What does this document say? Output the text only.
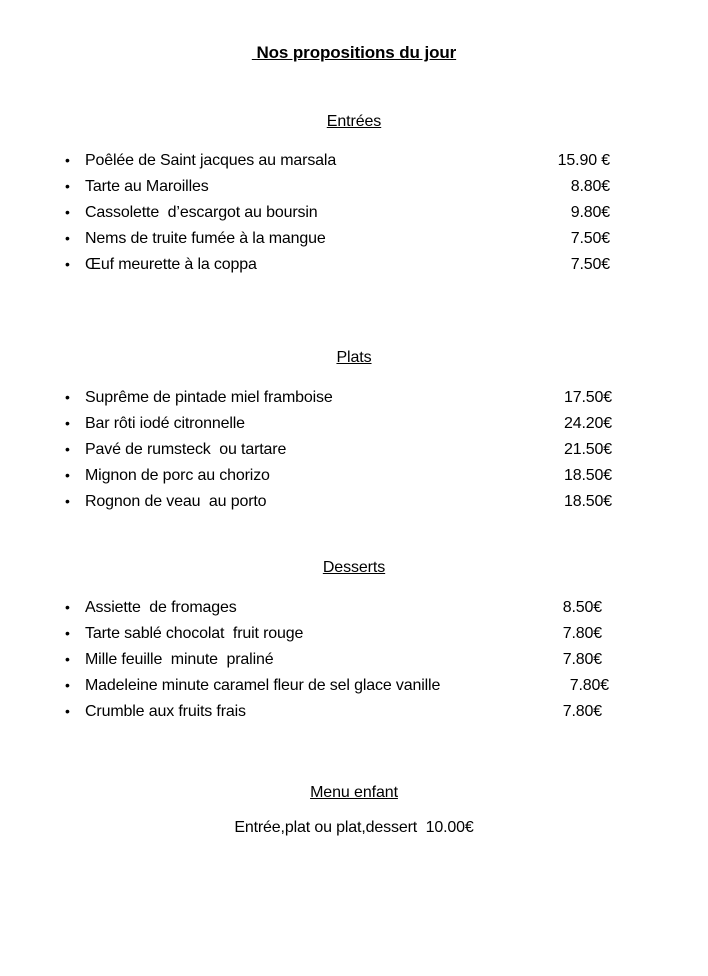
Nos propositions du jour
Entrées
• Poêlée de Saint jacques au marsala	15.90 €
• Tarte au Maroilles	8.80€
• Cassolette  d’escargot au boursin	9.80€
• Nems de truite fumée à la mangue	7.50€
• Œuf meurette à la coppa	7.50€
Plats
• Suprême de pintade miel framboise	17.50€
• Bar rôti iodé citronnelle	24.20€
• Pavé de rumsteck  ou tartare	21.50€
• Mignon de porc au chorizo	18.50€
• Rognon de veau  au porto	18.50€
Desserts
• Assiette  de fromages	8.50€
• Tarte sablé chocolat  fruit rouge	7.80€
• Mille feuille  minute  praliné	7.80€
• Madeleine minute caramel fleur de sel glace vanille	7.80€
• Crumble aux fruits frais	7.80€
Menu enfant
Entrée,plat ou plat,dessert  10.00€
